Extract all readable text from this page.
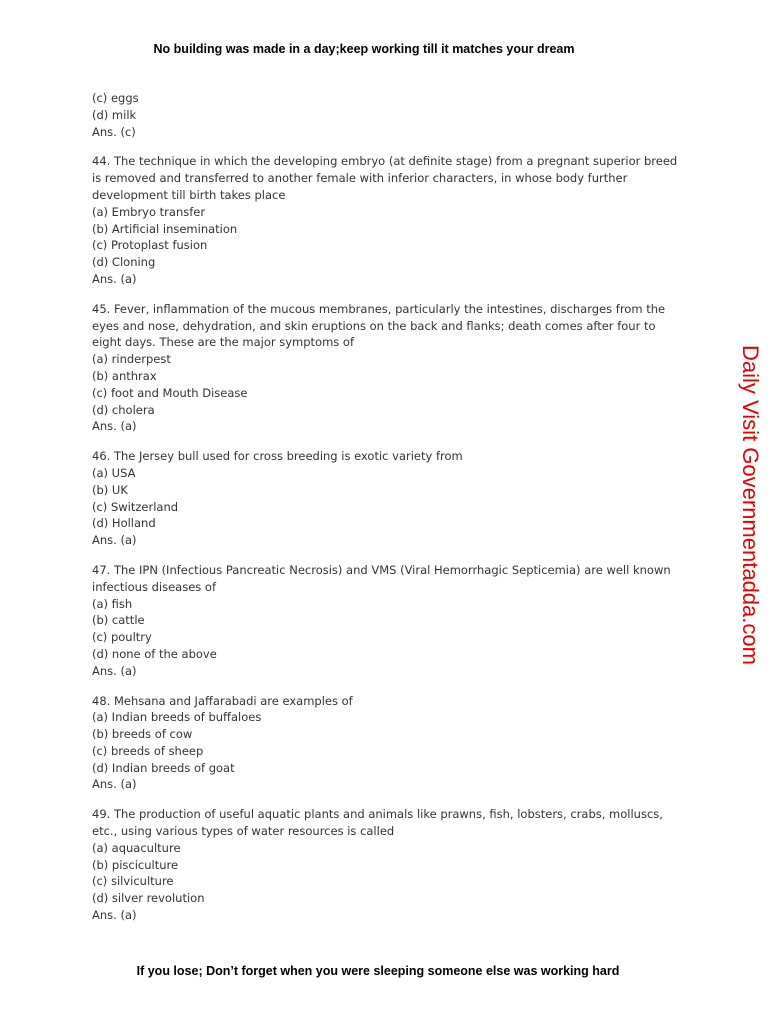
No building was made in a day;keep working till it matches your dream
(c) eggs
(d) milk
Ans. (c)
44. The technique in which the developing embryo (at definite stage) from a pregnant superior breed is removed and transferred to another female with inferior characters, in whose body further development till birth takes place
(a) Embryo transfer
(b) Artificial insemination
(c) Protoplast fusion
(d) Cloning
Ans. (a)
45. Fever, inflammation of the mucous membranes, particularly the intestines, discharges from the eyes and nose, dehydration, and skin eruptions on the back and flanks; death comes after four to eight days. These are the major symptoms of
(a) rinderpest
(b) anthrax
(c) foot and Mouth Disease
(d) cholera
Ans. (a)
46. The Jersey bull used for cross breeding is exotic variety from
(a) USA
(b) UK
(c) Switzerland
(d) Holland
Ans. (a)
47. The IPN (Infectious Pancreatic Necrosis) and VMS (Viral Hemorrhagic Septicemia) are well known infectious diseases of
(a) fish
(b) cattle
(c) poultry
(d) none of the above
Ans. (a)
48. Mehsana and Jaffarabadi are examples of
(a) Indian breeds of buffaloes
(b) breeds of cow
(c) breeds of sheep
(d) Indian breeds of goat
Ans. (a)
49. The production of useful aquatic plants and animals like prawns, fish, lobsters, crabs, molluscs, etc., using various types of water resources is called
(a) aquaculture
(b) pisciculture
(c) silviculture
(d) silver revolution
Ans. (a)
Daily Visit Governmentadda.com
If you lose; Don’t forget when you were sleeping someone else was working hard
